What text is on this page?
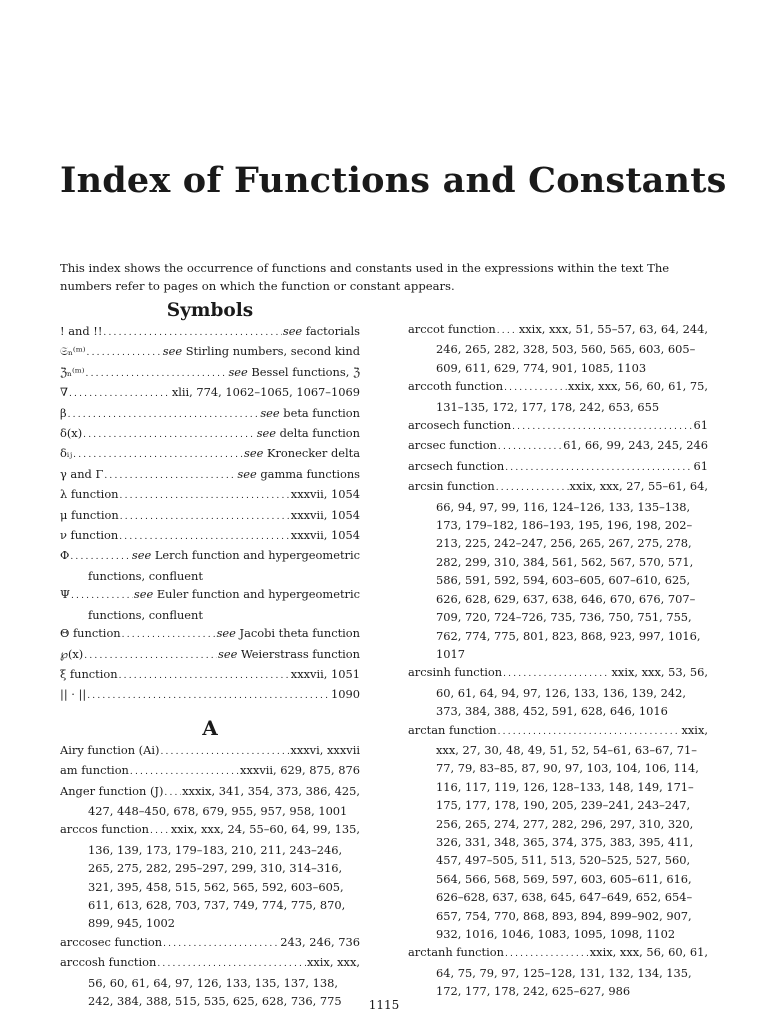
Index of Functions and Constants

This index shows the occurrence of functions and constants used in the expressions within the text The numbers refer to pages on which the function or constant appears.

Symbols
! and !! .....	see factorials
𝔖ₙ⁽ᵐ⁾ .....	see Stirling numbers, second kind
ℨₙ⁽ᵐ⁾ .....	see Bessel functions, ℨ
∇ .....	xlii, 774, 1062–1065, 1067–1069
β .....	see beta function
δ(x) .....	see delta function
δᵢⱼ .....	see Kronecker delta
γ and Γ .....	see gamma functions
λ function .....	xxxvii, 1054
μ function .....	xxxvii, 1054
ν function .....	xxxvii, 1054
Φ .....	see Lerch function and hypergeometric
functions, confluent
Ψ .....	see Euler function and hypergeometric
functions, confluent
Θ function .....	see Jacobi theta function
℘(x) .....	see Weierstrass function
ξ function .....	xxxvii, 1051
|| · || .....	1090
A
Airy function (Ai) .....	xxxvi, xxxvii
am function .....	xxxvii, 629, 875, 876
Anger function (J) ..... xxxix, 341, 354, 373, 386, 425,
427, 448–450, 678, 679, 955, 957, 958, 1001
arccos function ..... xxix, xxx, 24, 55–60, 64, 99, 135,
136, 139, 173, 179–183, 210, 211, 243–246, 265, 275, 282, 295–297, 299, 310, 314–316, 321, 395, 458, 515, 562, 565, 592, 603–605, 611, 613, 628, 703, 737, 749, 774, 775, 870, 899, 945, 1002
arccosec function .....	243, 246, 736
arccosh function .....	xxix, xxx,
56, 60, 61, 64, 97, 126, 133, 135, 137, 138, 242, 384, 388, 515, 535, 625, 628, 736, 775
arccot function ..... xxix, xxx, 51, 55–57, 63, 64, 244,
246, 265, 282, 328, 503, 560, 565, 603, 605–609, 611, 629, 774, 901, 1085, 1103
arccoth function .....	xxix, xxx, 56, 60, 61, 75,
131–135, 172, 177, 178, 242, 653, 655
arcosech function .....	61
arcsec function .....	61, 66, 99, 243, 245, 246
arcsech function .....	61
arcsin function .....	xxix, xxx, 27, 55–61, 64,
66, 94, 97, 99, 116, 124–126, 133, 135–138, 173, 179–182, 186–193, 195, 196, 198, 202–213, 225, 242–247, 256, 265, 267, 275, 278, 282, 299, 310, 384, 561, 562, 567, 570, 571, 586, 591, 592, 594, 603–605, 607–610, 625, 626, 628, 629, 637, 638, 646, 670, 676, 707–709, 720, 724–726, 735, 736, 750, 751, 755, 762, 774, 775, 801, 823, 868, 923, 997, 1016, 1017
arcsinh function .....	xxix, xxx, 53, 56,
60, 61, 64, 94, 97, 126, 133, 136, 139, 242, 373, 384, 388, 452, 591, 628, 646, 1016
arctan function .....	xxix,
xxx, 27, 30, 48, 49, 51, 52, 54–61, 63–67, 71–77, 79, 83–85, 87, 90, 97, 103, 104, 106, 114, 116, 117, 119, 126, 128–133, 148, 149, 171–175, 177, 178, 190, 205, 239–241, 243–247, 256, 265, 274, 277, 282, 296, 297, 310, 320, 326, 331, 348, 365, 374, 375, 383, 395, 411, 457, 497–505, 511, 513, 520–525, 527, 560, 564, 566, 568, 569, 597, 603, 605–611, 616, 626–628, 637, 638, 645, 647–649, 652, 654–657, 754, 770, 868, 893, 894, 899–902, 907, 932, 1016, 1046, 1083, 1095, 1098, 1102
arctanh function .....	xxix, xxx, 56, 60, 61,
64, 75, 79, 97, 125–128, 131, 132, 134, 135, 172, 177, 178, 242, 625–627, 986
1115
